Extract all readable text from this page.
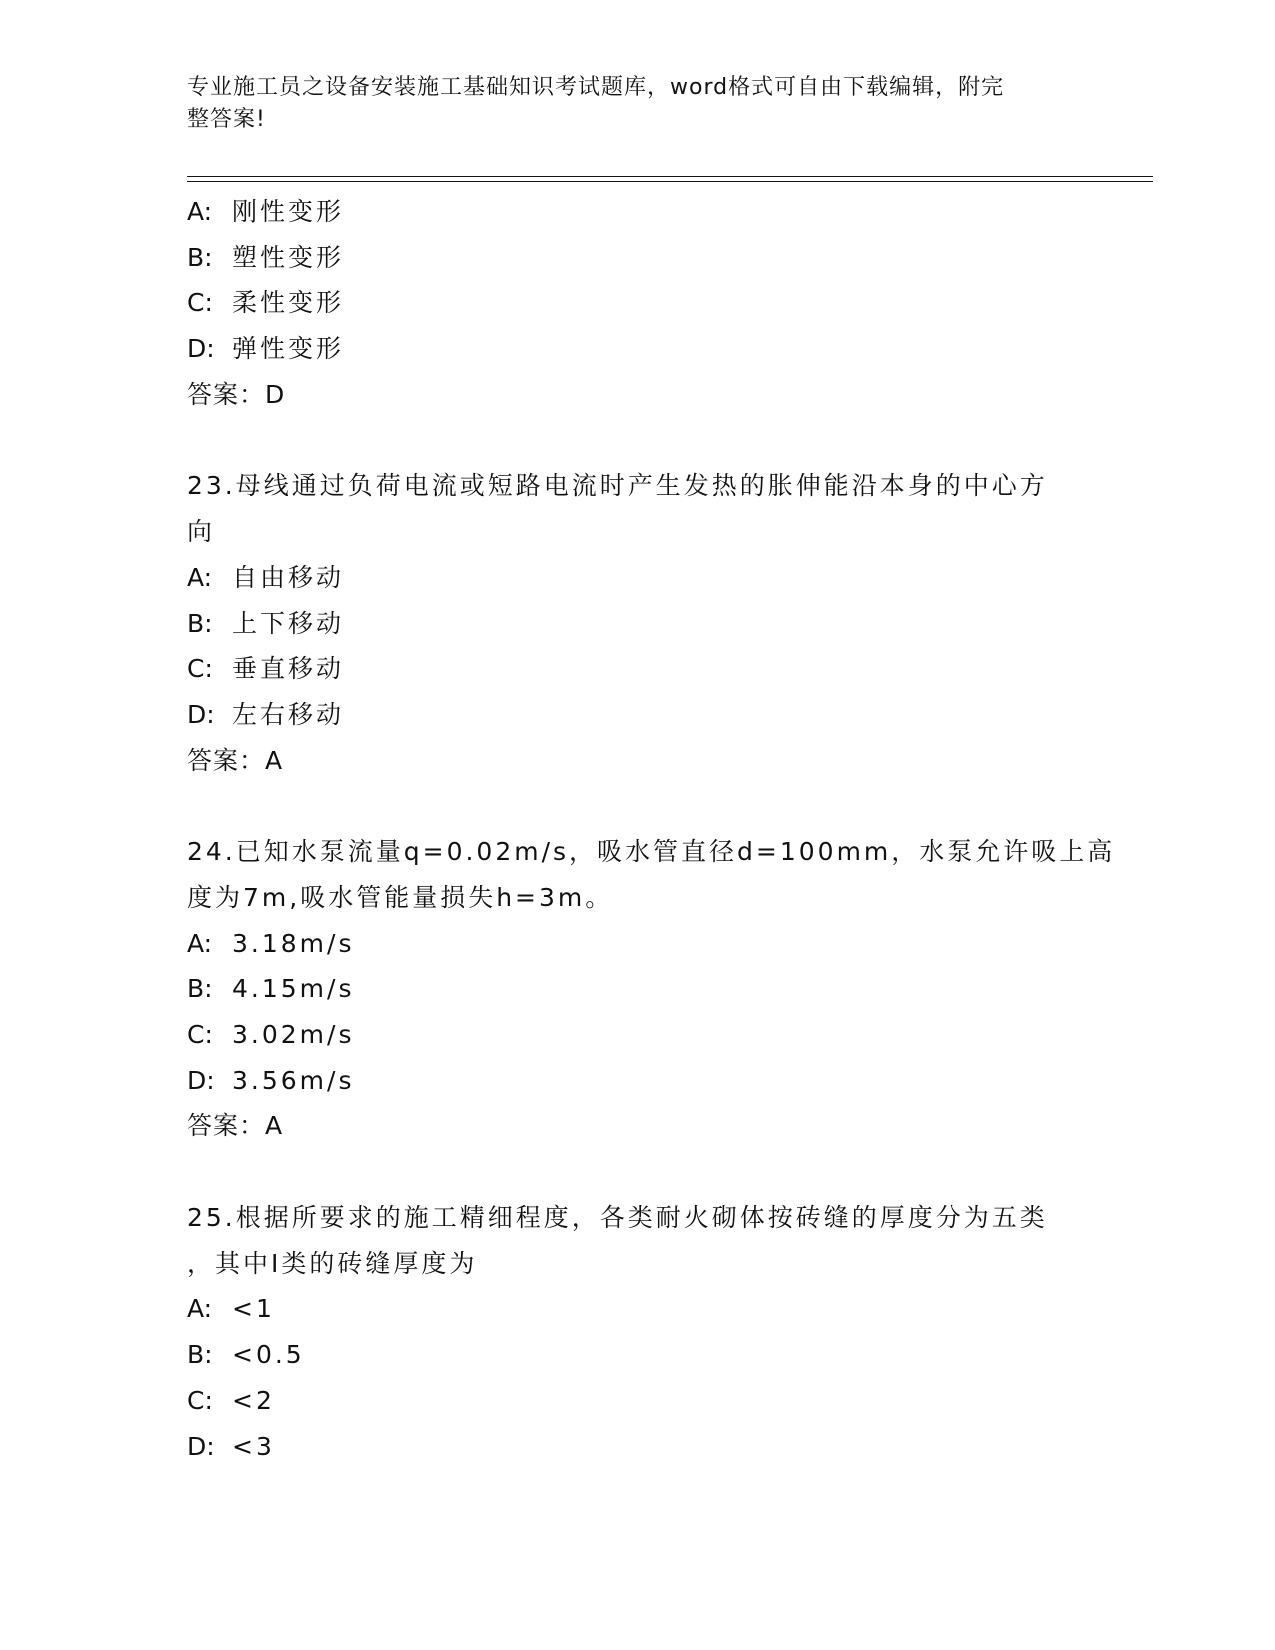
专业施工员之设备安装施工基础知识考试题库，word格式可自由下载编辑，附完
整答案!
A: 刚性变形
B: 塑性变形
C: 柔性变形
D: 弹性变形
答案：D
23.母线通过负荷电流或短路电流时产生发热的胀伸能沿本身的中心方
向
A: 自由移动
B: 上下移动
C: 垂直移动
D: 左右移动
答案：A
24.已知水泵流量q=0.02m/s，吸水管直径d=100mm，水泵允许吸上高
度为7m,吸水管能量损失h=3m。
A: 3.18m/s
B: 4.15m/s
C: 3.02m/s
D: 3.56m/s
答案：A
25.根据所要求的施工精细程度，各类耐火砌体按砖缝的厚度分为五类
，其中I类的砖缝厚度为
A: <1
B: <0.5
C: <2
D: <3
